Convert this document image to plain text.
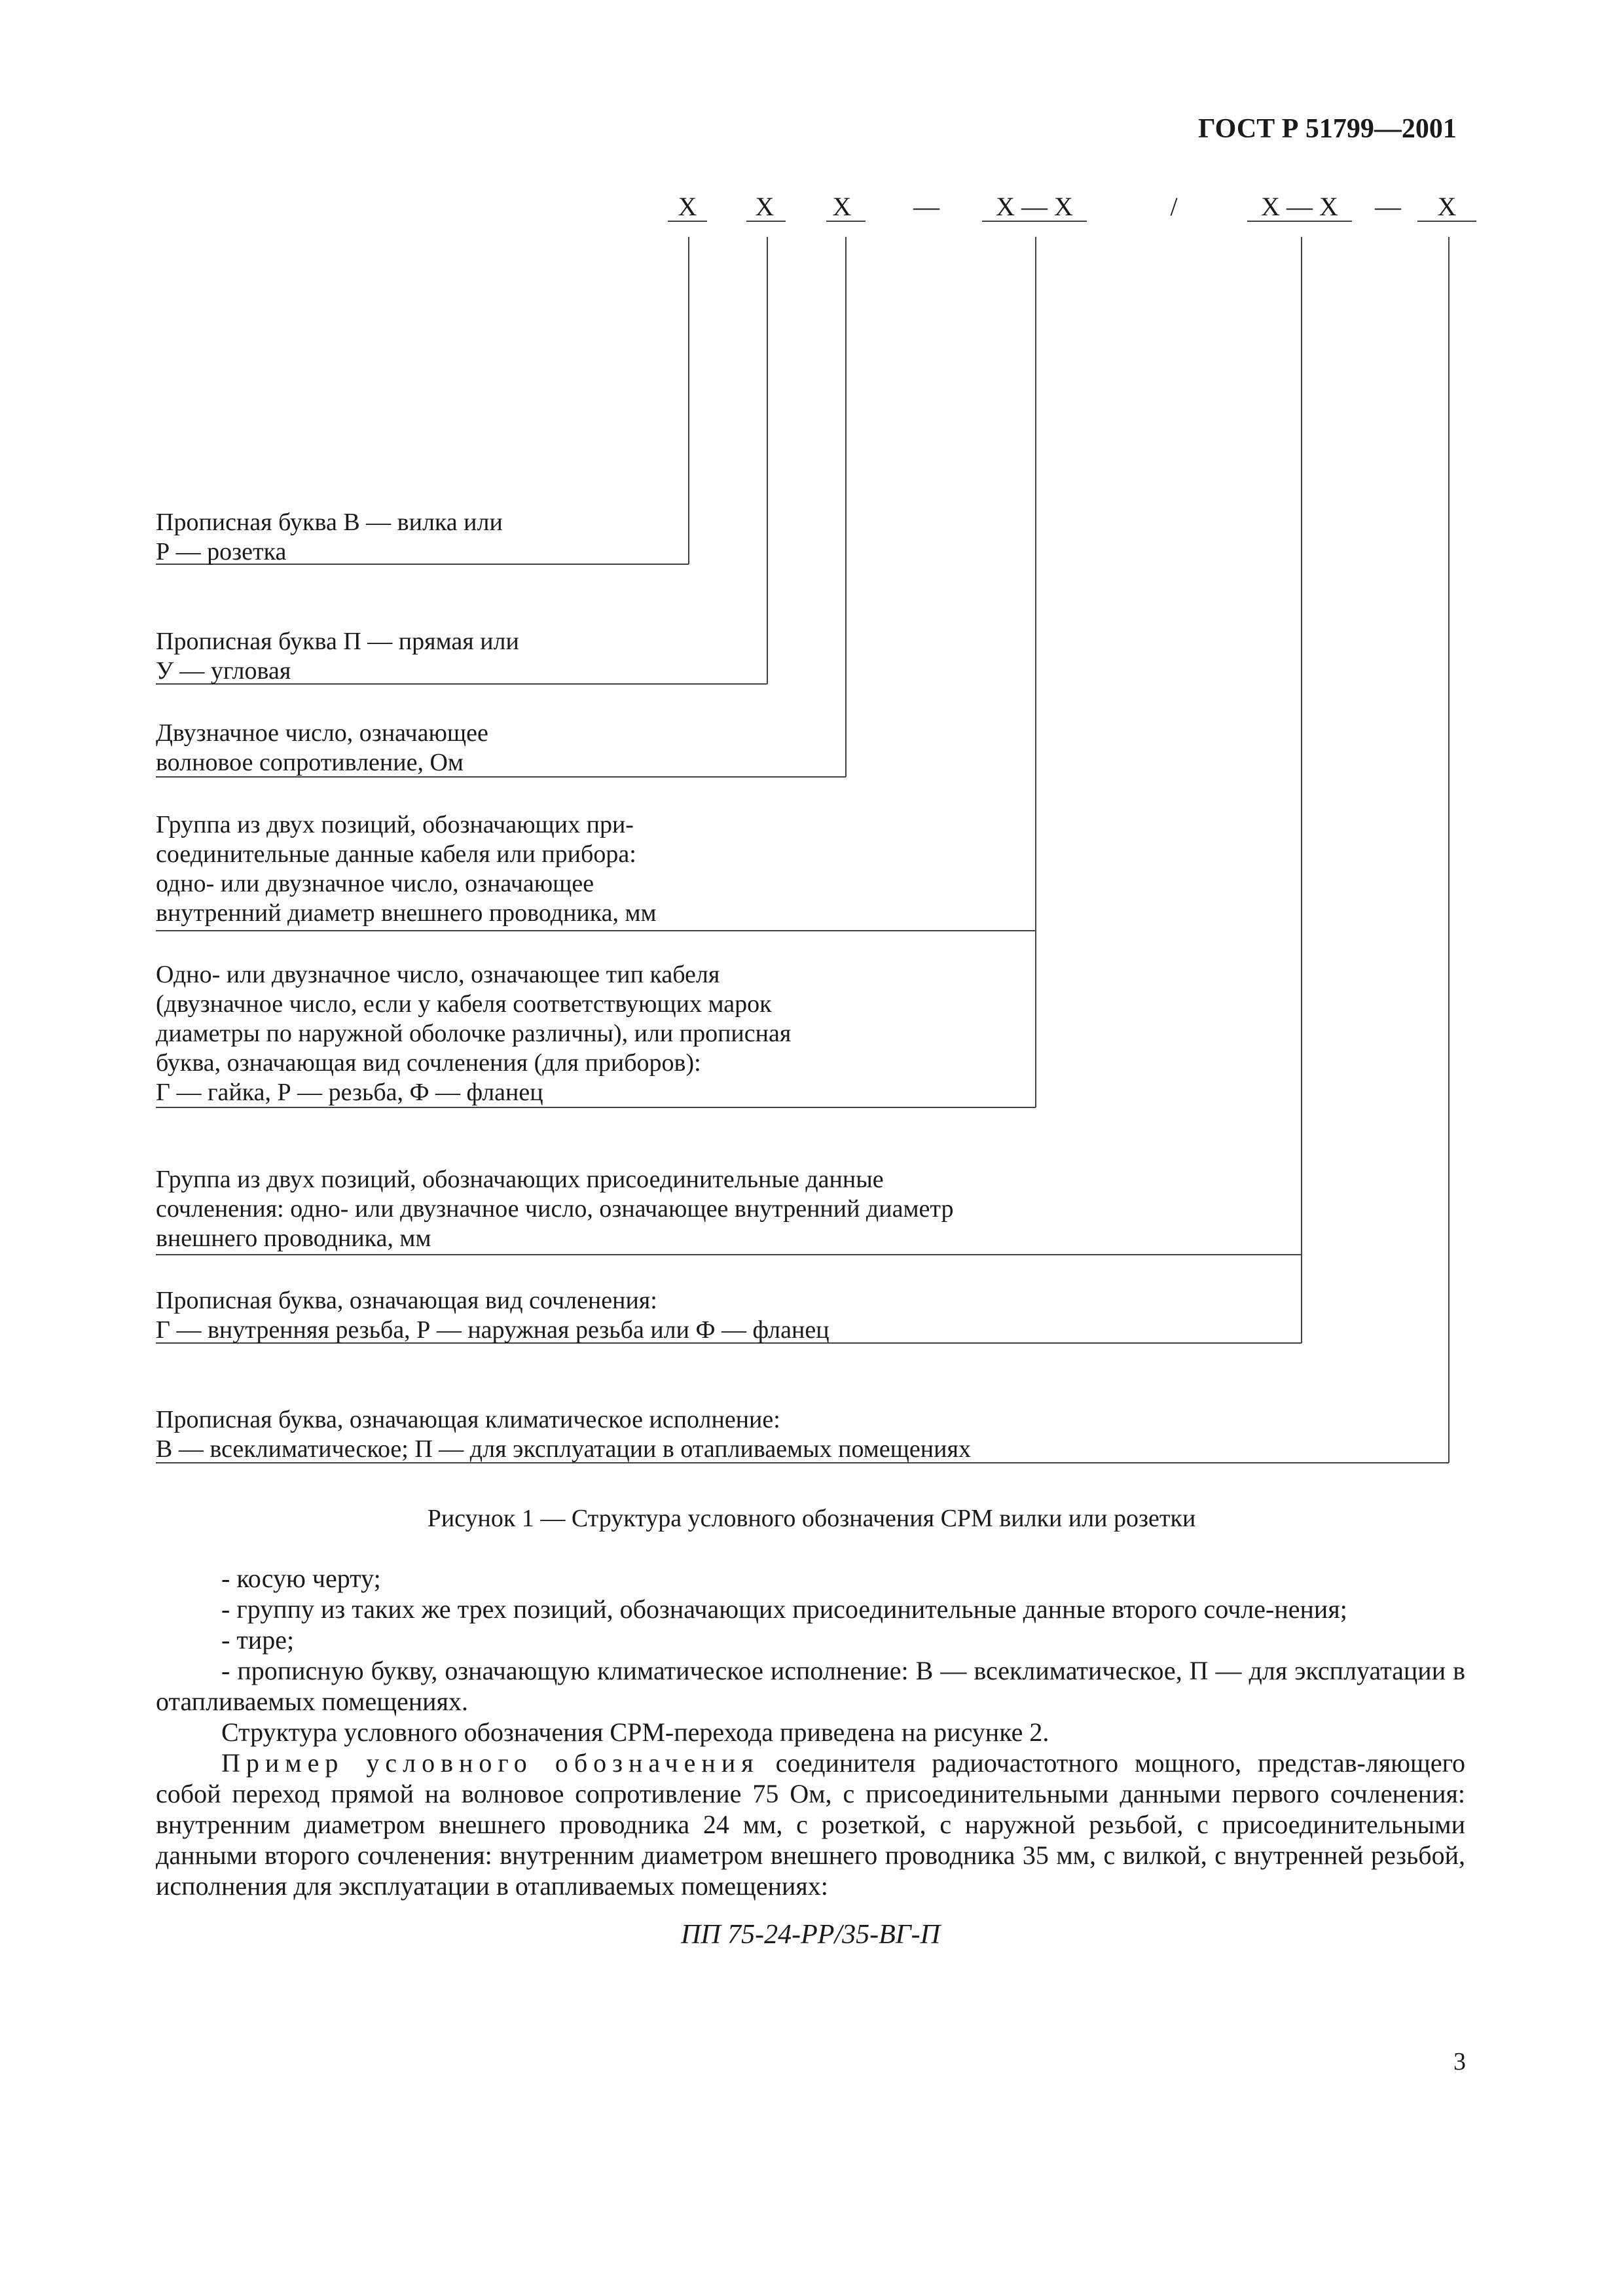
ГОСТ Р 51799—2001
X	X	X	—	X — X	/	X — X	—	X
Прописная буква В — вилка или
Р — розетка
Прописная буква П — прямая или
У — угловая
Двузначное число, означающее
волновое сопротивление, Ом
Группа из двух позиций, обозначающих при-
соединительные данные кабеля или прибора:
одно- или двузначное число, означающее
внутренний диаметр внешнего проводника, мм
Одно- или двузначное число, означающее тип кабеля
(двузначное число, если у кабеля соответствующих марок
диаметры по наружной оболочке различны), или прописная
буква, означающая вид сочленения (для приборов):
Г — гайка, Р — резьба, Ф — фланец
Группа из двух позиций, обозначающих присоединительные данные
сочленения: одно- или двузначное число, означающее внутренний диаметр
внешнего проводника, мм
Прописная буква, означающая вид сочленения:
Г — внутренняя резьба, Р — наружная резьба или Ф — фланец
Прописная буква, означающая климатическое исполнение:
В — всеклиматическое; П — для эксплуатации в отапливаемых помещениях
Рисунок 1 — Структура условного обозначения СРМ вилки или розетки

- косую черту;

- группу из таких же трех позиций, обозначающих присоединительные данные второго сочле-нения;

- тире;

- прописную букву, означающую климатическое исполнение: В — всеклиматическое, П — для эксплуатации в отапливаемых помещениях.

Структура условного обозначения СРМ-перехода приведена на рисунке 2.

Пример условного обозначения соединителя радиочастотного мощного, представ-ляющего собой переход прямой на волновое сопротивление 75 Ом, с присоединительными данными первого сочленения: внутренним диаметром внешнего проводника 24 мм, с розеткой, с наружной резьбой, с присоединительными данными второго сочленения: внутренним диаметром внешнего проводника 35 мм, с вилкой, с внутренней резьбой, исполнения для эксплуатации в отапливаемых помещениях:

ПП 75-24-РР/35-ВГ-П

3
